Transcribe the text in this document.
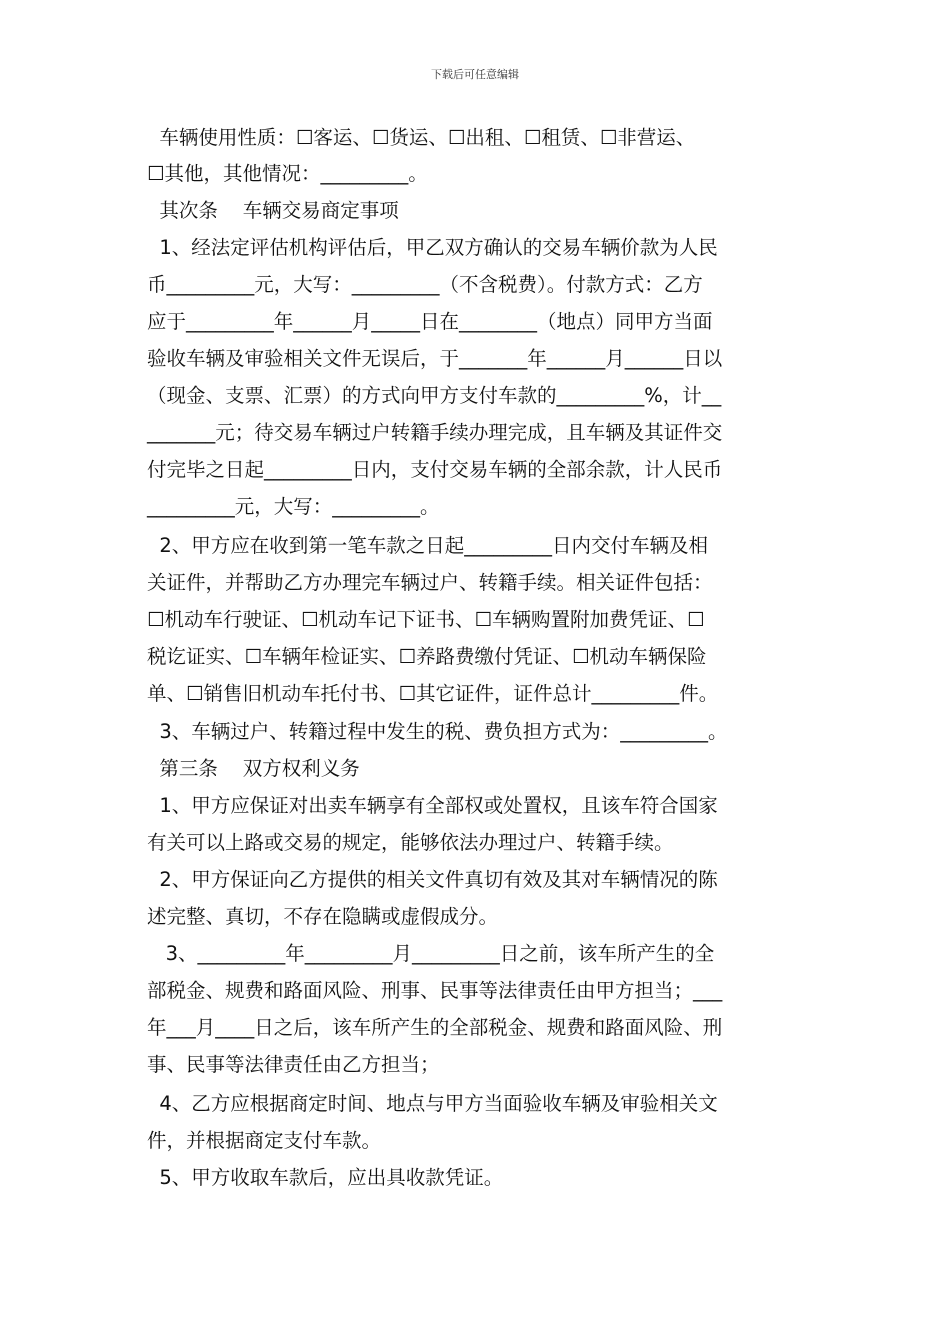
下载后可任意编辑
车辆使用性质：☐客运、☐货运、☐出租、☐租赁、☐非营运、
☐其他，其他情况：_________。
其次条    车辆交易商定事项
1、经法定评估机构评估后，甲乙双方确认的交易车辆价款为人民
币_________元，大写：_________（不含税费）。付款方式：乙方
应于_________年______月_____日在________（地点）同甲方当面
验收车辆及审验相关文件无误后，于_______年______月______日以
（现金、支票、汇票）的方式向甲方支付车款的_________%，计__
_______元；待交易车辆过户转籍手续办理完成，且车辆及其证件交
付完毕之日起_________日内，支付交易车辆的全部余款，计人民币
_________元，大写：_________。
2、甲方应在收到第一笔车款之日起_________日内交付车辆及相
关证件，并帮助乙方办理完车辆过户、转籍手续。相关证件包括：
☐机动车行驶证、☐机动车记下证书、☐车辆购置附加费凭证、☐
税讫证实、☐车辆年检证实、☐养路费缴付凭证、☐机动车辆保险
单、☐销售旧机动车托付书、☐其它证件，证件总计_________件。
3、车辆过户、转籍过程中发生的税、费负担方式为：_________。
第三条    双方权利义务
1、甲方应保证对出卖车辆享有全部权或处置权，且该车符合国家
有关可以上路或交易的规定，能够依法办理过户、转籍手续。
2、甲方保证向乙方提供的相关文件真切有效及其对车辆情况的陈
述完整、真切，不存在隐瞒或虚假成分。
3、_________年_________月_________日之前，该车所产生的全
部税金、规费和路面风险、刑事、民事等法律责任由甲方担当；___
年___月____日之后，该车所产生的全部税金、规费和路面风险、刑
事、民事等法律责任由乙方担当；
4、乙方应根据商定时间、地点与甲方当面验收车辆及审验相关文
件，并根据商定支付车款。
5、甲方收取车款后，应出具收款凭证。
